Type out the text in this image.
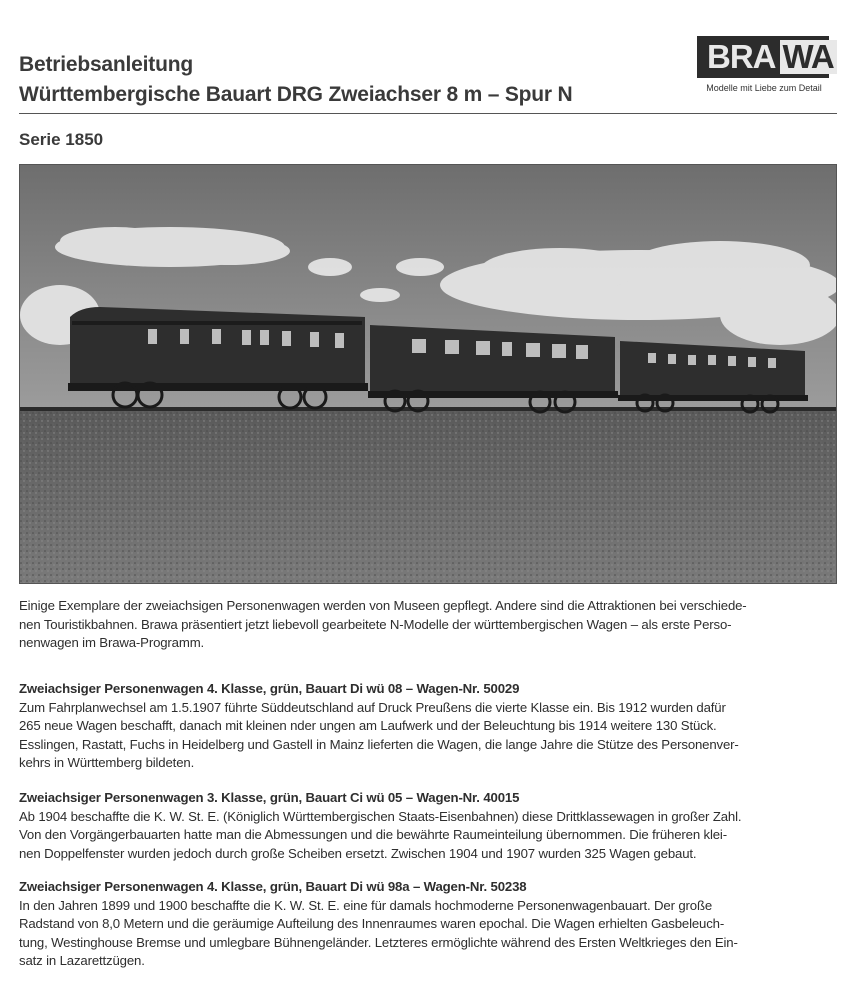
Betriebsanleitung
Württembergische Bauart DRG Zweiachser 8 m – Spur N
BRA WA
Modelle mit Liebe zum Detail
Serie 1850
Einige Exemplare der zweiachsigen Personenwagen werden von Museen gepflegt. Andere sind die Attraktionen bei verschiede-
nen Touristikbahnen. Brawa präsentiert jetzt liebevoll gearbeitete N-Modelle der württembergischen Wagen – als erste Perso-
nenwagen im Brawa-Programm.
Zweiachsiger Personenwagen 4. Klasse, grün, Bauart Di wü 08 – Wagen-Nr. 50029
Zum Fahrplanwechsel am 1.5.1907 führte Süddeutschland auf Druck Preußens die vierte Klasse ein. Bis 1912 wurden dafür
265 neue Wagen beschafft, danach mit kleinen nder ungen am Laufwerk und der Beleuchtung bis 1914 weitere 130 Stück.
Esslingen, Rastatt, Fuchs in Heidelberg und Gastell in Mainz lieferten die Wagen, die lange Jahre die Stütze des Personenver-
kehrs in Württemberg bildeten.
Zweiachsiger Personenwagen 3. Klasse, grün, Bauart Ci wü 05 – Wagen-Nr. 40015
Ab 1904 beschaffte die K. W. St. E. (Königlich Württembergischen Staats-Eisenbahnen) diese Drittklassewagen in großer Zahl.
Von den Vorgängerbauarten hatte man die Abmessungen und die bewährte Raumeinteilung übernommen. Die früheren klei-
nen Doppelfenster wurden jedoch durch große Scheiben ersetzt. Zwischen 1904 und 1907 wurden 325 Wagen gebaut.
Zweiachsiger Personenwagen 4. Klasse, grün, Bauart Di wü 98a – Wagen-Nr. 50238
In den Jahren 1899 und 1900 beschaffte die K. W. St. E. eine für damals hochmoderne Personenwagenbauart. Der große
Radstand von 8,0 Metern und die geräumige Aufteilung des Innenraumes waren epochal. Die Wagen erhielten Gasbeleuch-
tung, Westinghouse Bremse und umlegbare Bühnengeländer. Letzteres ermöglichte während des Ersten Weltkrieges den Ein-
satz in Lazarettzügen.
